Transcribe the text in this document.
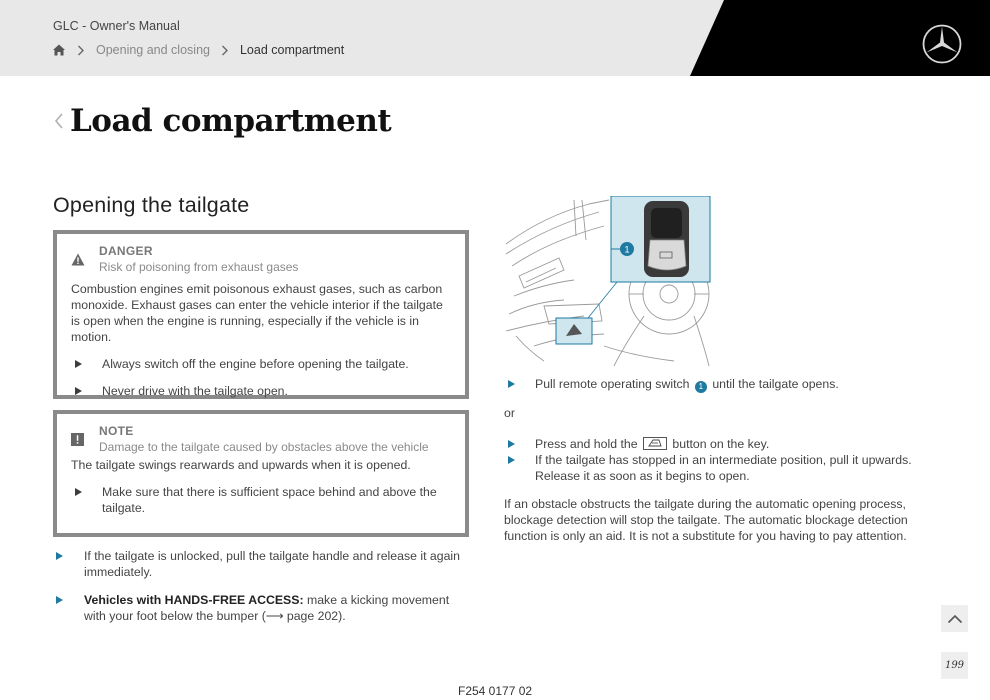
GLC - Owner's Manual
Opening and closing Load compartment
Load compartment
Opening the tailgate
DANGER
Risk of poisoning from exhaust gases

Combustion engines emit poisonous exhaust gases, such as carbon monoxide. Exhaust gases can enter the vehicle interior if the tailgate is open when the engine is running, especially if the vehicle is in motion.

Always switch off the engine before opening the tailgate.
Never drive with the tailgate open.
NOTE
Damage to the tailgate caused by obstacles above the vehicle

The tailgate swings rearwards and upwards when it is opened.

Make sure that there is sufficient space behind and above the tailgate.
If the tailgate is unlocked, pull the tailgate handle and release it again immediately.
Vehicles with HANDS-FREE ACCESS: make a kicking movement with your foot below the bumper (⟶ page 202).
1
Pull remote operating switch 1 until the tailgate opens.
or
Press and hold the	button on the key.
If the tailgate has stopped in an intermediate position, pull it upwards. Release it as soon as it begins to open.
If an obstacle obstructs the tailgate during the automatic opening process, blockage detection will stop the tailgate. The automatic blockage detection function is only an aid. It is not a substitute for you having to pay attention.
199
F254 0177 02
